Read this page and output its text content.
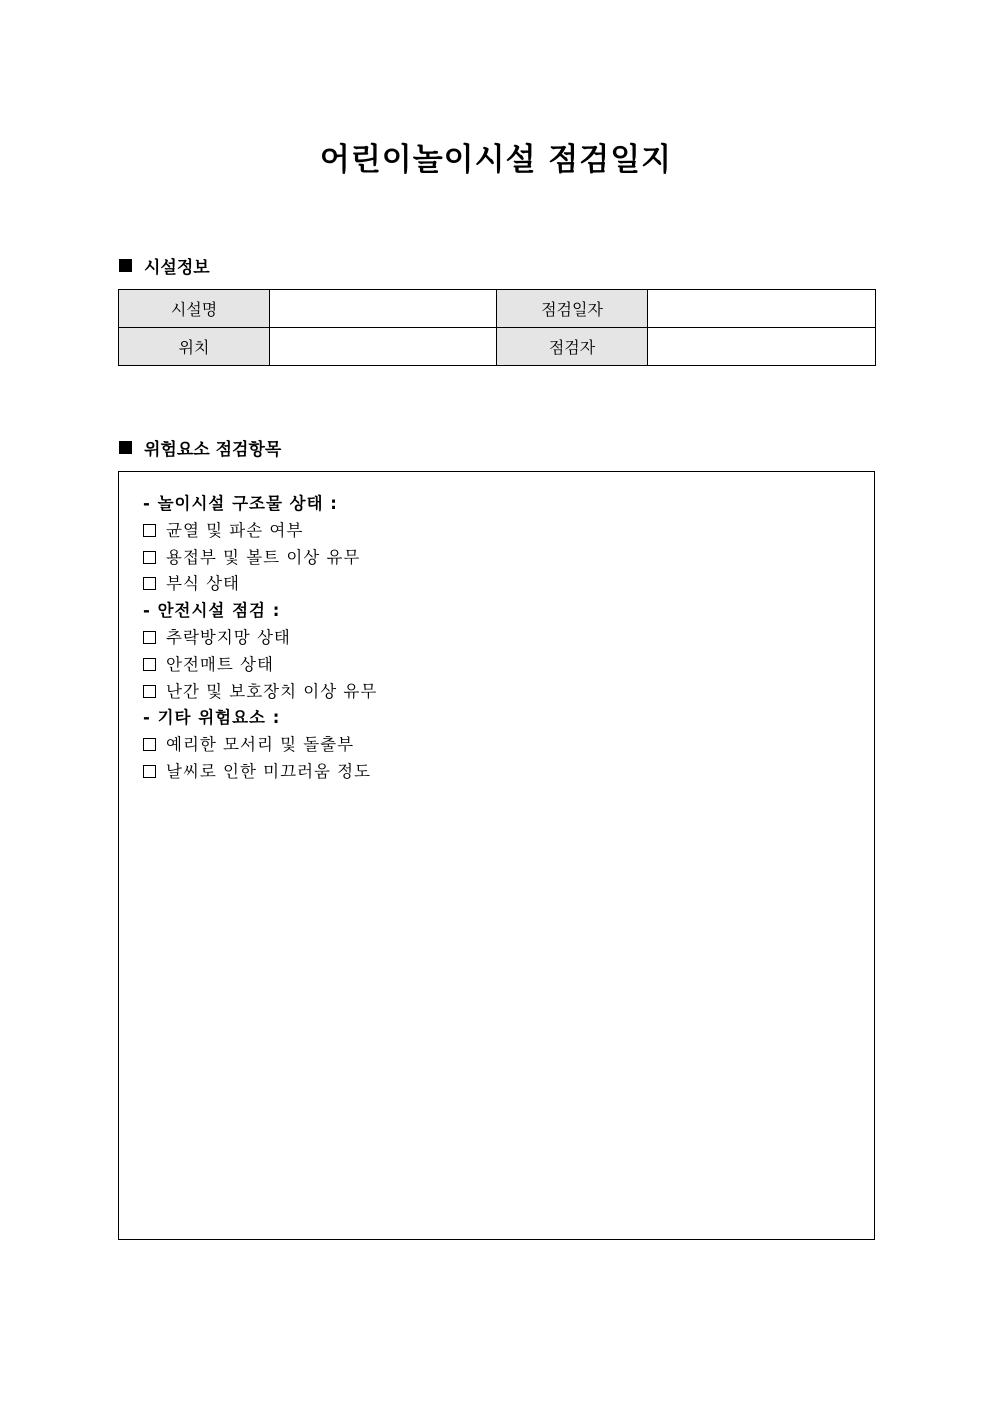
어린이놀이시설 점검일지
시설정보
시설명		점검일자	
위치		점검자	
위험요소 점검항목
- 놀이시설 구조물 상태 :
균열 및 파손 여부
용접부 및 볼트 이상 유무
부식 상태
- 안전시설 점검 :
추락방지망 상태
안전매트 상태
난간 및 보호장치 이상 유무
- 기타 위험요소 :
예리한 모서리 및 돌출부
날씨로 인한 미끄러움 정도
